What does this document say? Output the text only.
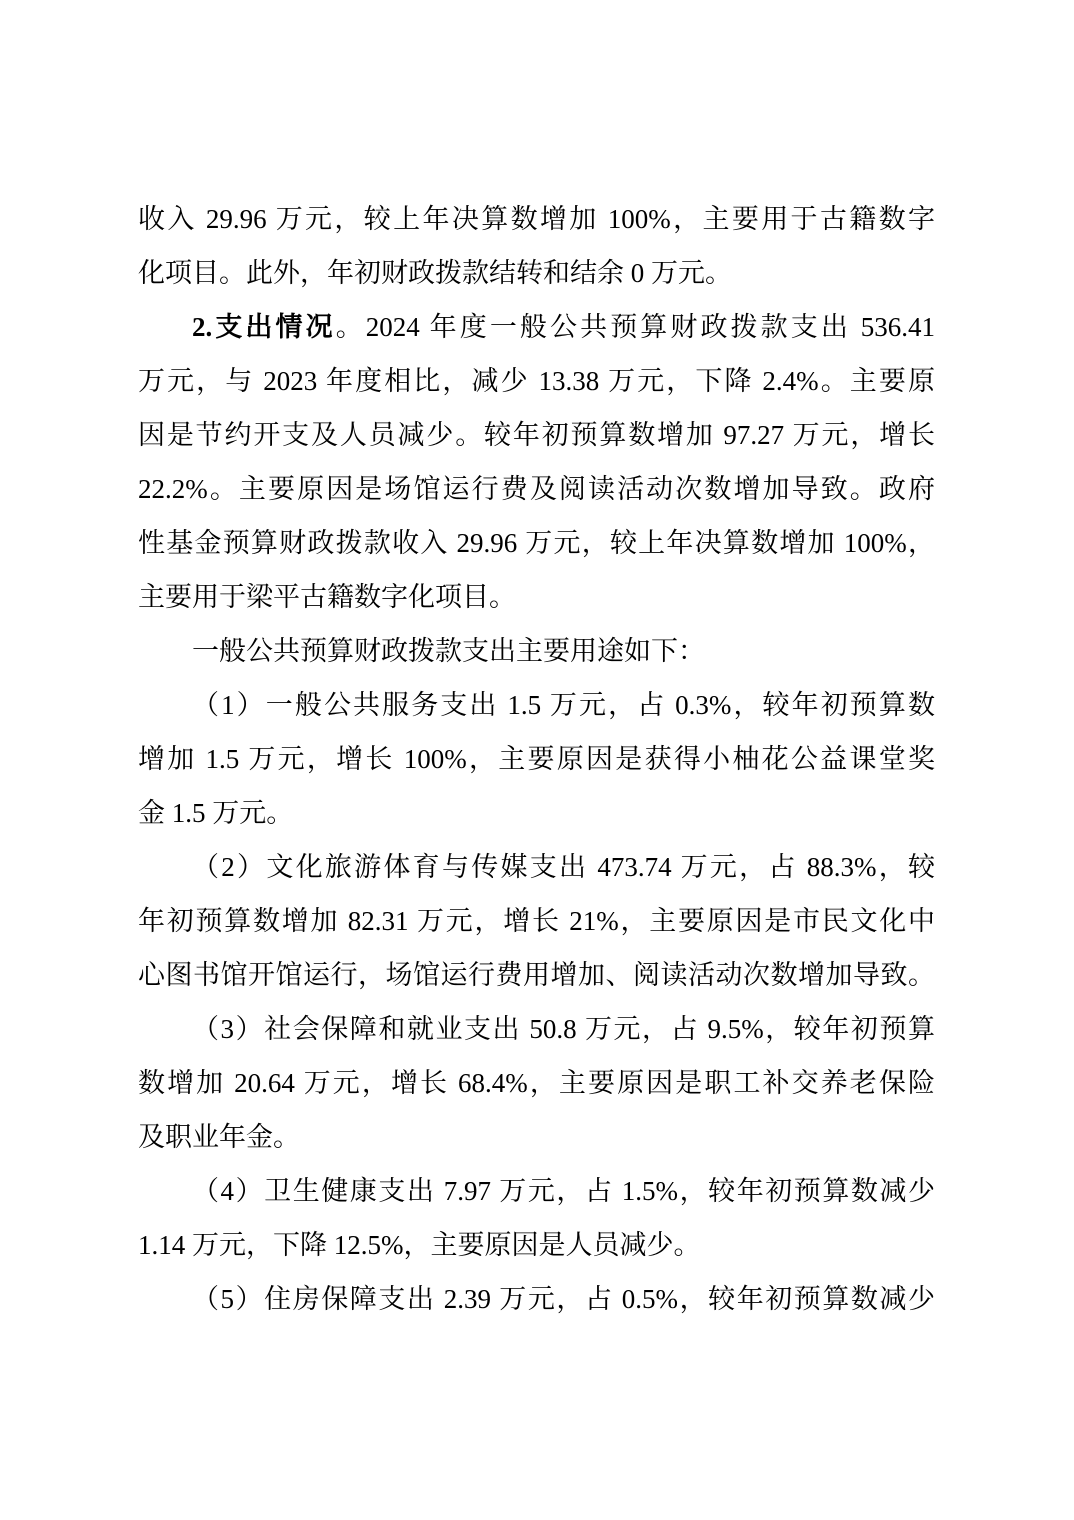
收入 29.96 万元，较上年决算数增加 100%，主要用于古籍数字
化项目。此外，年初财政拨款结转和结余 0 万元。
2.支出情况。2024 年度一般公共预算财政拨款支出 536.41
万元，与 2023 年度相比，减少 13.38 万元，下降 2.4%。主要原
因是节约开支及人员减少。较年初预算数增加 97.27 万元，增长
22.2%。主要原因是场馆运行费及阅读活动次数增加导致。政府
性基金预算财政拨款收入 29.96 万元，较上年决算数增加 100%，
主要用于梁平古籍数字化项目。
一般公共预算财政拨款支出主要用途如下：
（1）一般公共服务支出 1.5 万元，占 0.3%，较年初预算数
增加 1.5 万元，增长 100%，主要原因是获得小柚花公益课堂奖
金 1.5 万元。
（2）文化旅游体育与传媒支出 473.74 万元，占 88.3%，较
年初预算数增加 82.31 万元，增长 21%，主要原因是市民文化中
心图书馆开馆运行，场馆运行费用增加、阅读活动次数增加导致。
（3）社会保障和就业支出 50.8 万元，占 9.5%，较年初预算
数增加 20.64 万元，增长 68.4%，主要原因是职工补交养老保险
及职业年金。
（4）卫生健康支出 7.97 万元，占 1.5%，较年初预算数减少
1.14 万元，下降 12.5%，主要原因是人员减少。
（5）住房保障支出 2.39 万元，占 0.5%，较年初预算数减少
